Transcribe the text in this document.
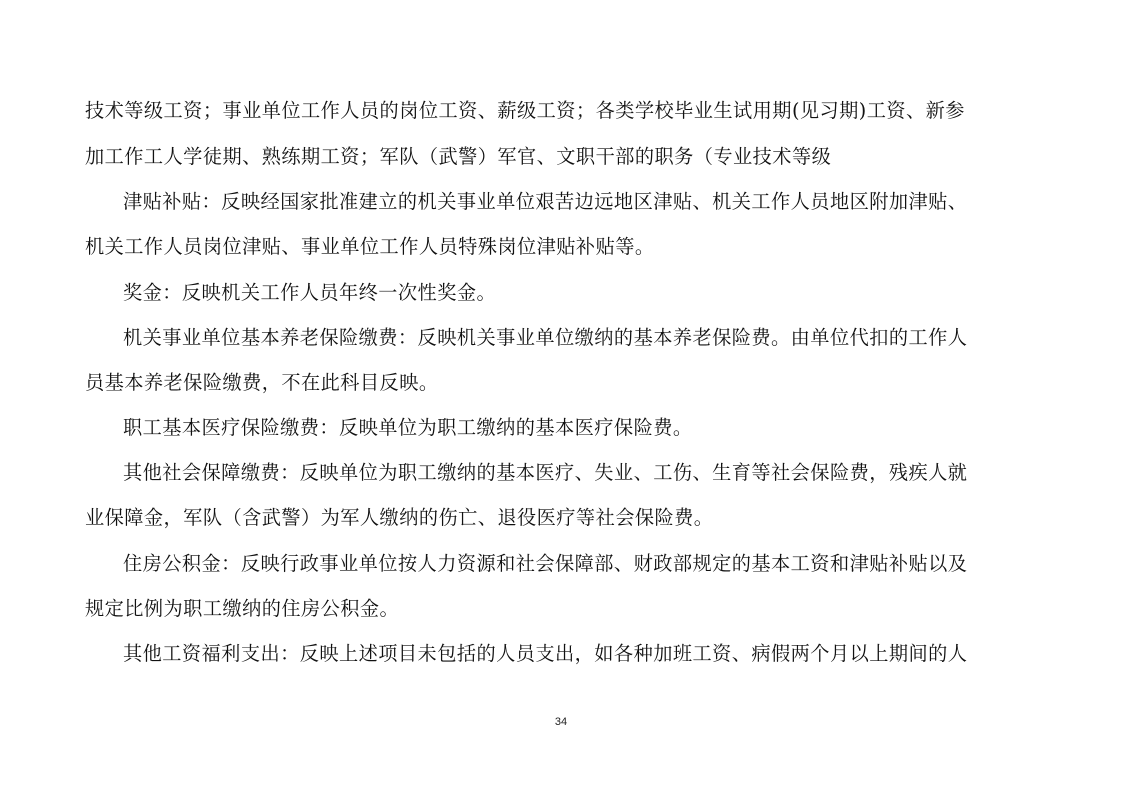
技术等级工资；事业单位工作人员的岗位工资、薪级工资；各类学校毕业生试用期(见习期)工资、新参
加工作工人学徒期、熟练期工资；军队（武警）军官、文职干部的职务（专业技术等级
津贴补贴：反映经国家批准建立的机关事业单位艰苦边远地区津贴、机关工作人员地区附加津贴、
机关工作人员岗位津贴、事业单位工作人员特殊岗位津贴补贴等。
奖金：反映机关工作人员年终一次性奖金。
机关事业单位基本养老保险缴费：反映机关事业单位缴纳的基本养老保险费。由单位代扣的工作人
员基本养老保险缴费，不在此科目反映。
职工基本医疗保险缴费：反映单位为职工缴纳的基本医疗保险费。
其他社会保障缴费：反映单位为职工缴纳的基本医疗、失业、工伤、生育等社会保险费，残疾人就
业保障金，军队（含武警）为军人缴纳的伤亡、退役医疗等社会保险费。
住房公积金：反映行政事业单位按人力资源和社会保障部、财政部规定的基本工资和津贴补贴以及
规定比例为职工缴纳的住房公积金。
其他工资福利支出：反映上述项目未包括的人员支出，如各种加班工资、病假两个月以上期间的人
34
